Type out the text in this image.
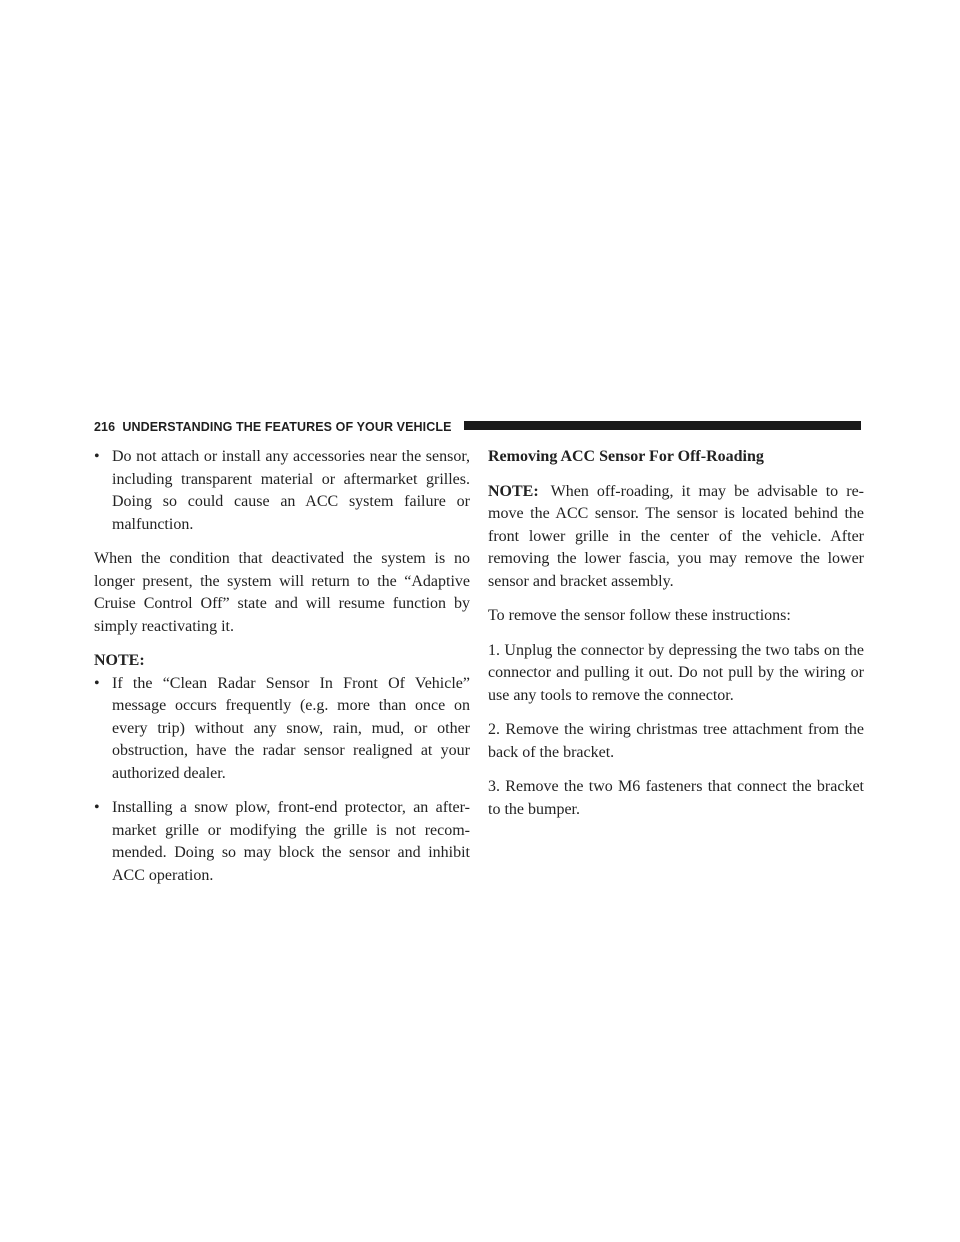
216 UNDERSTANDING THE FEATURES OF YOUR VEHICLE
• Do not attach or install any accessories near the sensor, including transparent material or aftermarket grilles. Doing so could cause an ACC system failure or malfunction.

When the condition that deactivated the system is no longer present, the system will return to the “Adaptive Cruise Control Off” state and will resume function by simply reactivating it.

NOTE:
• If the “Clean Radar Sensor In Front Of Vehicle” message occurs frequently (e.g. more than once on every trip) without any snow, rain, mud, or other obstruction, have the radar sensor realigned at your authorized dealer.
• Installing a snow plow, front-end protector, an after-market grille or modifying the grille is not recom-mended. Doing so may block the sensor and inhibit ACC operation.
Removing ACC Sensor For Off-Roading

NOTE: When off-roading, it may be advisable to re-move the ACC sensor. The sensor is located behind the front lower grille in the center of the vehicle. After removing the lower fascia, you may remove the lower sensor and bracket assembly.

To remove the sensor follow these instructions:

1. Unplug the connector by depressing the two tabs on the connector and pulling it out. Do not pull by the wiring or use any tools to remove the connector.

2. Remove the wiring christmas tree attachment from the back of the bracket.

3. Remove the two M6 fasteners that connect the bracket to the bumper.
